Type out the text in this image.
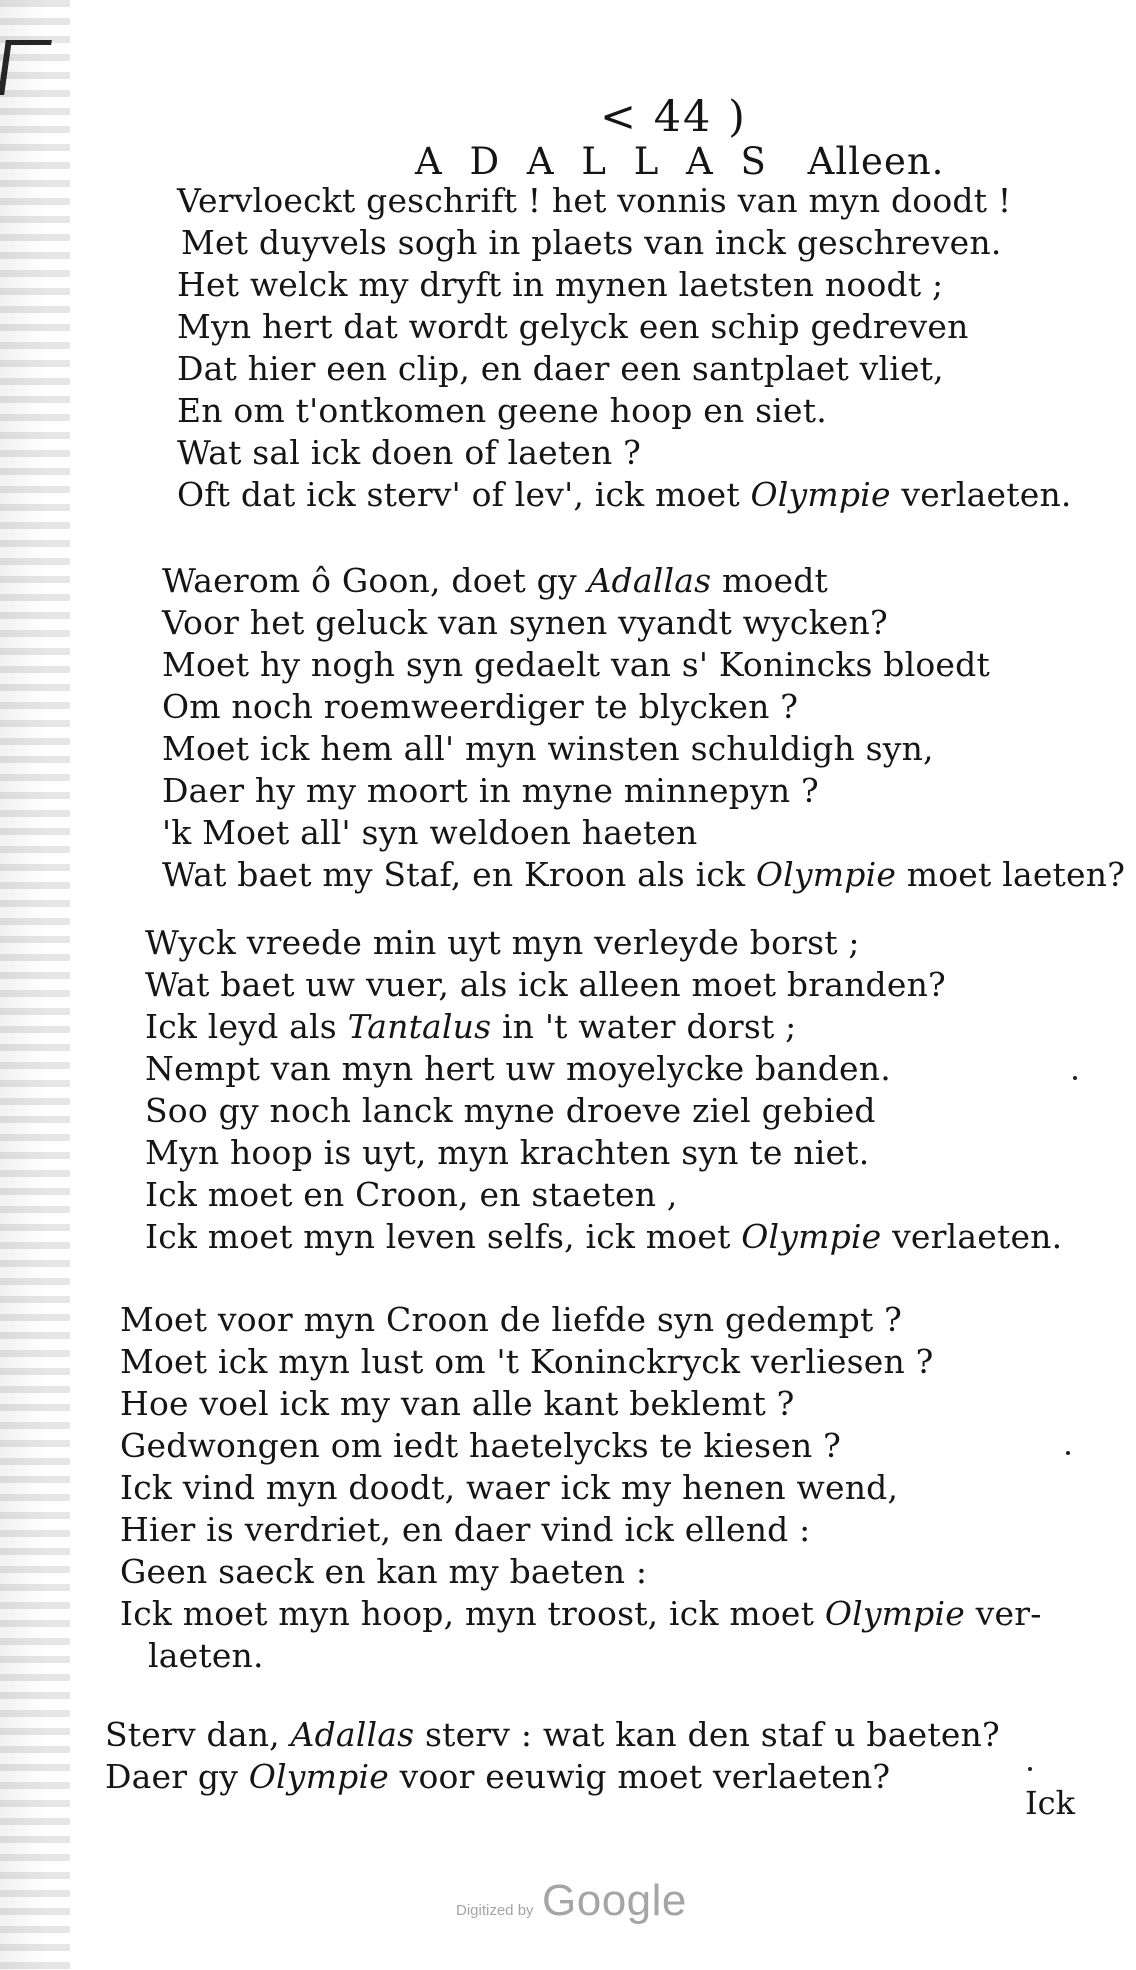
< 44 )
A D A L L A S Alleen.
Vervloeckt geschrift ! het vonnis van myn doodt !
Met duyvels sogh in plaets van inck geschreven.
Het welck my dryft in mynen laetsten noodt ;
Myn hert dat wordt gelyck een schip gedreven
Dat hier een clip, en daer een santplaet vliet,
En om t'ontkomen geene hoop en siet.
Wat sal ick doen of laeten ?
Oft dat ick sterv' of lev', ick moet Olympie verlaeten.
Waerom ô Goon, doet gy Adallas moedt
Voor het geluck van synen vyandt wycken?
Moet hy nogh syn gedaelt van s' Konincks bloedt
Om noch roemweerdiger te blycken ?
Moet ick hem all' myn winsten schuldigh syn,
Daer hy my moort in myne minnepyn ?
'k Moet all' syn weldoen haeten
Wat baet my Staf, en Kroon als ick Olympie moet laeten?
Wyck vreede min uyt myn verleyde borst ;
Wat baet uw vuer, als ick alleen moet branden?
Ick leyd als Tantalus in 't water dorst ;
Nempt van myn hert uw moyelycke banden.
Soo gy noch lanck myne droeve ziel gebied
Myn hoop is uyt, myn krachten syn te niet.
Ick moet en Croon, en staeten ,
Ick moet myn leven selfs, ick moet Olympie verlaeten.
Moet voor myn Croon de liefde syn gedempt ?
Moet ick myn lust om 't Koninckryck verliesen ?
Hoe voel ick my van alle kant beklemt ?
Gedwongen om iedt haetelycks te kiesen ?
Ick vind myn doodt, waer ick my henen wend,
Hier is verdriet, en daer vind ick ellend :
Geen saeck en kan my baeten :
Ick moet myn hoop, myn troost, ick moet Olympie ver-
laeten.
Sterv dan, Adallas sterv : wat kan den staf u baeten?
Daer gy Olympie voor eeuwig moet verlaeten?
Ick
Digitized by Google
